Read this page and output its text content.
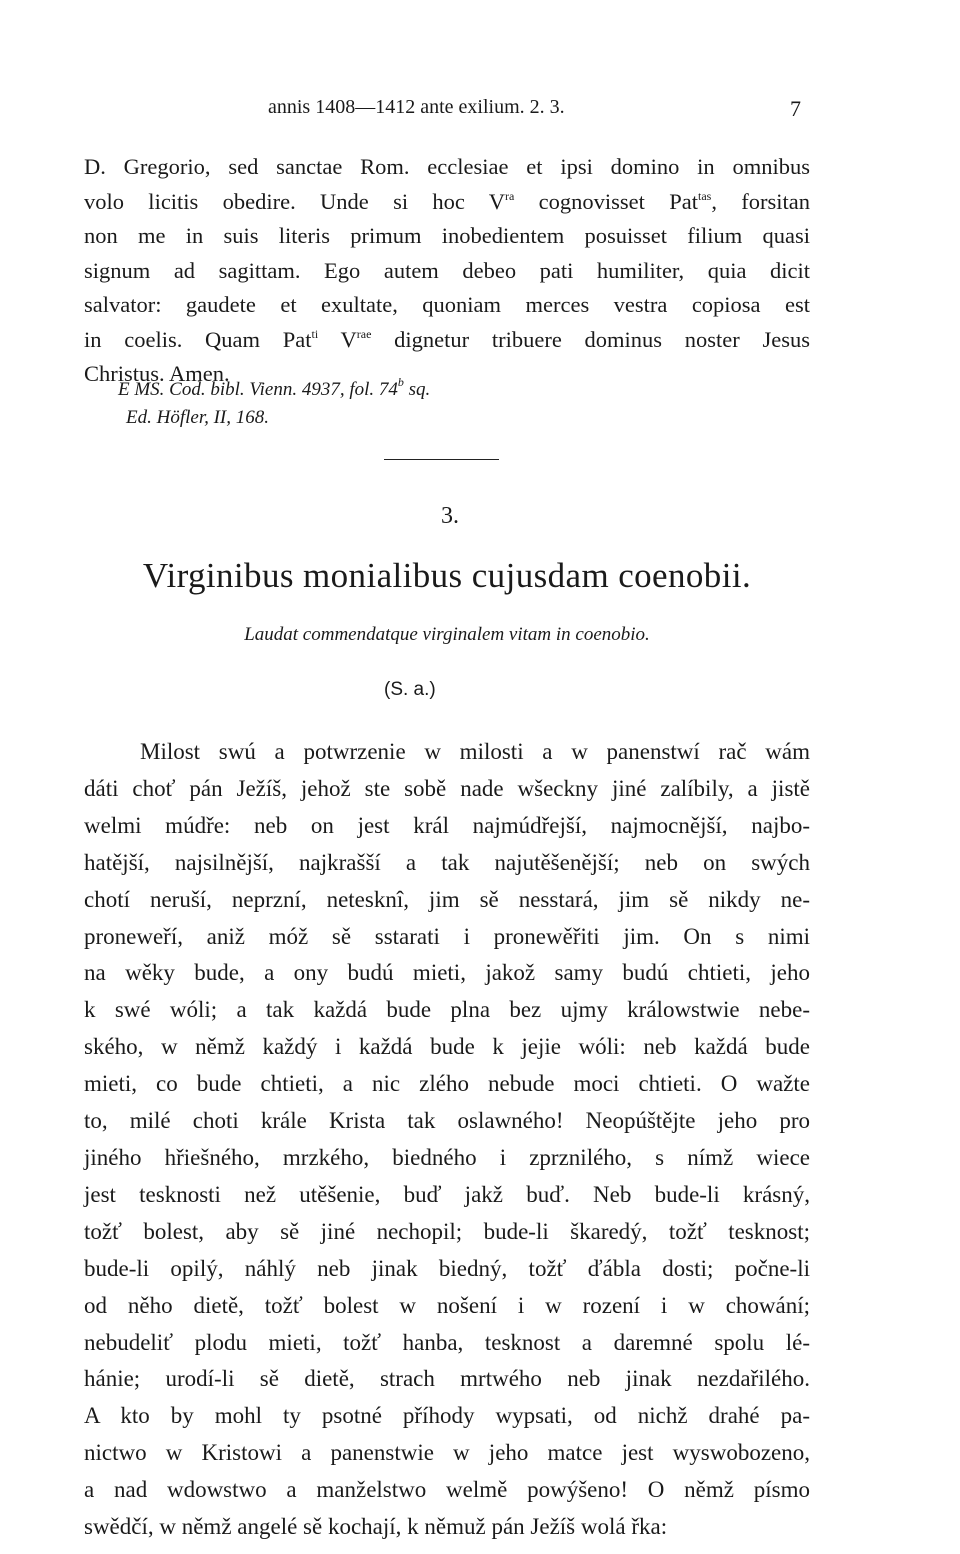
annis 1408—1412 ante exilium. 2. 3.	7
D. Gregorio, sed sanctae Rom. ecclesiae et ipsi domino in omnibus
volo licitis obedire. Unde si hoc $V^{ra}$ cognovisset Pat$^{tas}$, forsitan
non me in suis literis primum inobedientem posuisset filium quasi
signum ad sagittam. Ego autem debeo pati humiliter, quia dicit
salvator: gaudete et exultate, quoniam merces vestra copiosa est
in coelis. Quam Pat$^{ti}$ $V^{rae}$ dignetur tribuere dominus noster Jesus
Christus. Amen.
E MS. Cod. bibl. Vienn. 4937, fol. 74$^b$ sq.
Ed. Höfler, II, 168.
3.
Virginibus monialibus cujusdam coenobii.
Laudat commendatque virginalem vitam in coenobio.
(S. a.)
Milost swú a potwrzenie w milosti a w panenstwí rač wám
dáti choť pán Ježíš, jehož ste sobě nade wšeckny jiné zalíbily, a jistě
welmi múdře: neb on jest král najmúdřejší, najmocnější, najbo-
hatější, najsilnější, najkrašší a tak najutěšenější; neb on swých
chotí neruší, neprzní, netesknî, jim sě nesstará, jim sě nikdy ne-
proneweří, aniž móž sě sstarati i pronewěřiti jim. On s nimi
na wěky bude, a ony budú mieti, jakož samy budú chtieti, jeho
k swé wóli; a tak každá bude plna bez ujmy králowstwie nebe-
ského, w němž každý i každá bude k jejie wóli: neb každá bude
mieti, co bude chtieti, a nic zlého nebude moci chtieti. O wažte
to, milé choti krále Krista tak oslawného! Neopúštějte jeho pro
jiného hřiešného, mrzkého, biedného i zprznilého, s nímž wiece
jest tesknosti než utěšenie, buď jakž buď. Neb bude-li krásný,
tožť bolest, aby sě jiné nechopil; bude-li škaredý, tožť tesknost;
bude-li opilý, náhlý neb jinak biedný, tožť ďábla dosti; počne-li
od něho dietě, tožť bolest w nošení i w rození i w chowání;
nebudeliť plodu mieti, tožť hanba, tesknost a daremné spolu lé-
hánie; urodí-li sě dietě, strach mrtwého neb jinak nezdařilého.
A kto by mohl ty psotné příhody wypsati, od nichž drahé pa-
nictwo w Kristowi a panenstwie w jeho matce jest wyswobozeno,
a nad wdowstwo a manželstwo welmě powýšeno! O němž písmo
swědčí, w němž angelé sě kochají, k němuž pán Ježíš wolá řka:
